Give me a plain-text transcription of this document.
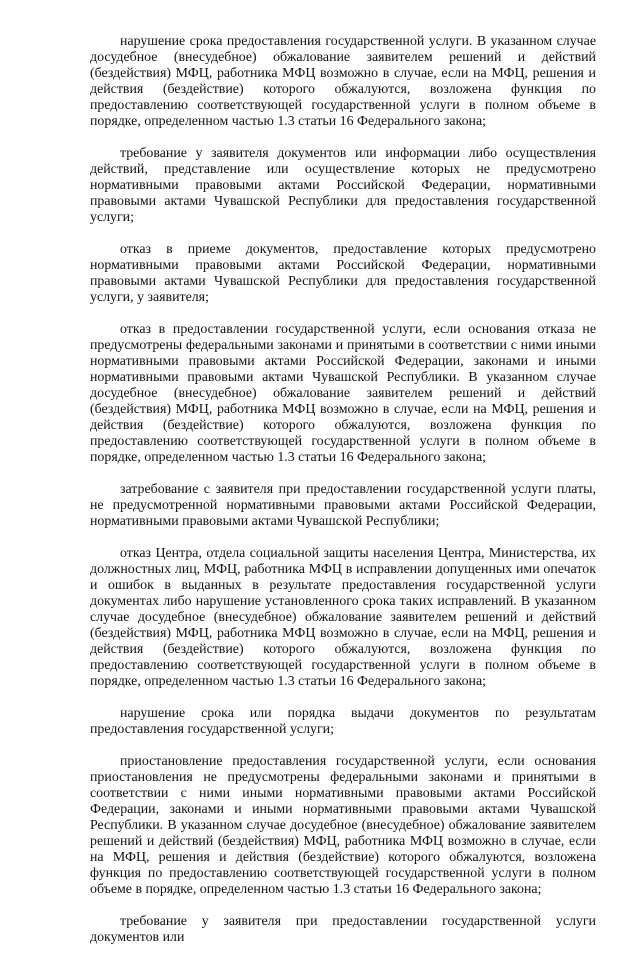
нарушение срока предоставления государственной услуги. В указанном случае досудебное (внесудебное) обжалование заявителем решений и действий (бездействия) МФЦ, работника МФЦ возможно в случае, если на МФЦ, решения и действия (бездействие) которого обжалуются, возложена функция по предоставлению соответствующей государственной услуги в полном объеме в порядке, определенном частью 1.3 статьи 16 Федерального закона;

требование у заявителя документов или информации либо осуществления действий, представление или осуществление которых не предусмотрено нормативными правовыми актами Российской Федерации, нормативными правовыми актами Чувашской Республики для предоставления государственной услуги;

отказ в приеме документов, предоставление которых предусмотрено нормативными правовыми актами Российской Федерации, нормативными правовыми актами Чувашской Республики для предоставления государственной услуги, у заявителя;

отказ в предоставлении государственной услуги, если основания отказа не предусмотрены федеральными законами и принятыми в соответствии с ними иными нормативными правовыми актами Российской Федерации, законами и иными нормативными правовыми актами Чувашской Республики. В указанном случае досудебное (внесудебное) обжалование заявителем решений и действий (бездействия) МФЦ, работника МФЦ возможно в случае, если на МФЦ, решения и действия (бездействие) которого обжалуются, возложена функция по предоставлению соответствующей государственной услуги в полном объеме в порядке, определенном частью 1.3 статьи 16 Федерального закона;

затребование с заявителя при предоставлении государственной услуги платы, не предусмотренной нормативными правовыми актами Российской Федерации, нормативными правовыми актами Чувашской Республики;

отказ Центра, отдела социальной защиты населения Центра, Министерства, их должностных лиц, МФЦ, работника МФЦ в исправлении допущенных ими опечаток и ошибок в выданных в результате предоставления государственной услуги документах либо нарушение установленного срока таких исправлений. В указанном случае досудебное (внесудебное) обжалование заявителем решений и действий (бездействия) МФЦ, работника МФЦ возможно в случае, если на МФЦ, решения и действия (бездействие) которого обжалуются, возложена функция по предоставлению соответствующей государственной услуги в полном объеме в порядке, определенном частью 1.3 статьи 16 Федерального закона;

нарушение срока или порядка выдачи документов по результатам предоставления государственной услуги;

приостановление предоставления государственной услуги, если основания приостановления не предусмотрены федеральными законами и принятыми в соответствии с ними иными нормативными правовыми актами Российской Федерации, законами и иными нормативными правовыми актами Чувашской Республики. В указанном случае досудебное (внесудебное) обжалование заявителем решений и действий (бездействия) МФЦ, работника МФЦ возможно в случае, если на МФЦ, решения и действия (бездействие) которого обжалуются, возложена функция по предоставлению соответствующей государственной услуги в полном объеме в порядке, определенном частью 1.3 статьи 16 Федерального закона;

требование у заявителя при предоставлении государственной услуги документов или
